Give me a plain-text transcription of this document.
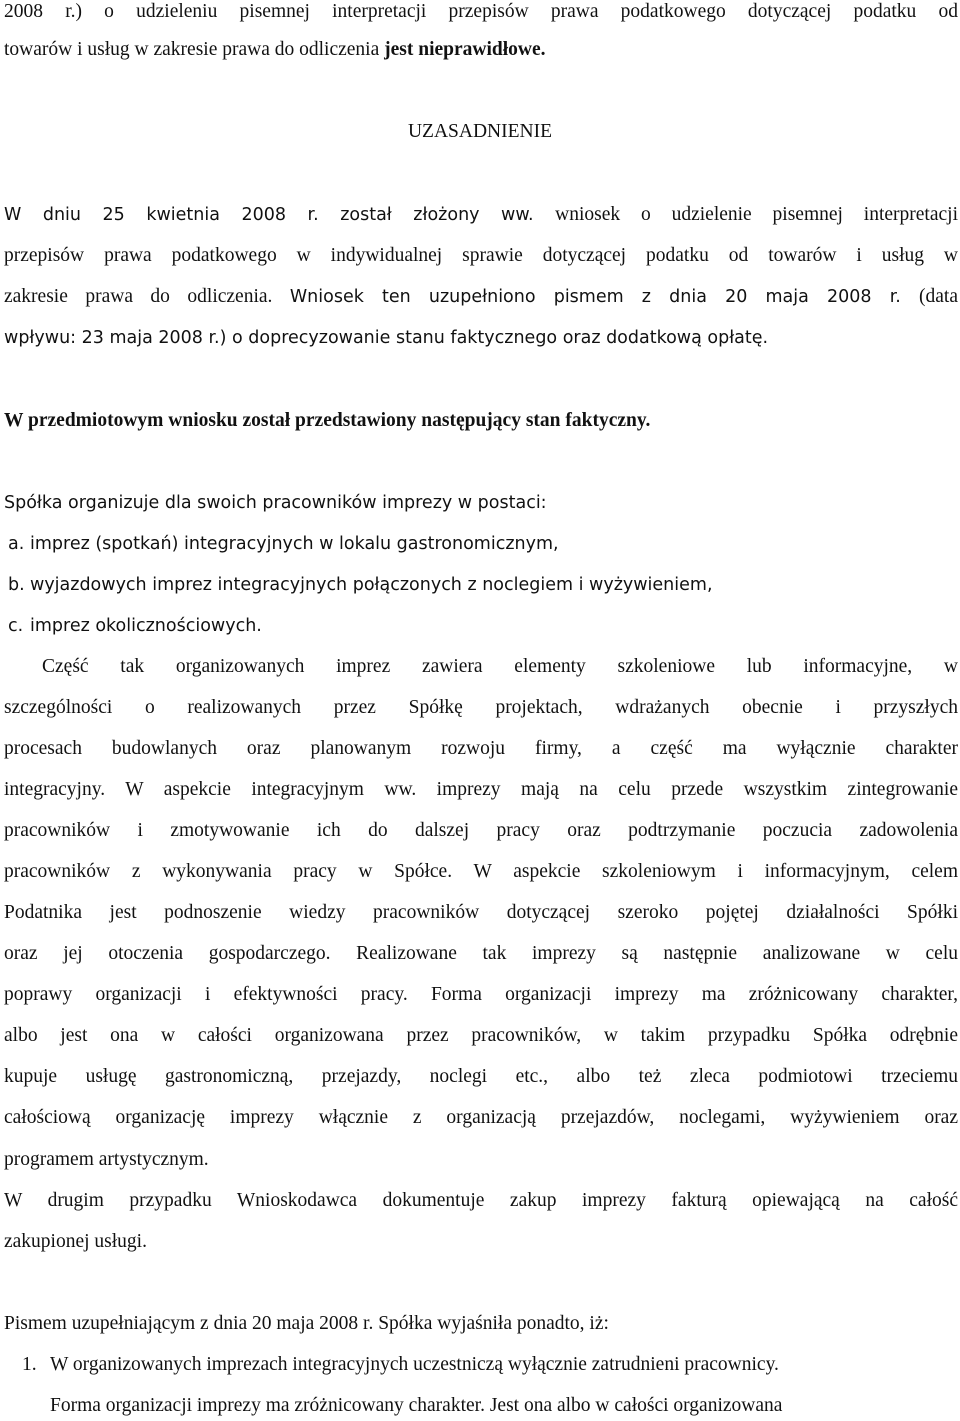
2008 r.) o udzieleniu pisemnej interpretacji przepisów prawa podatkowego dotyczącej podatku od
towarów i usług w zakresie prawa do odliczenia jest nieprawidłowe.
UZASADNIENIE
W dniu 25 kwietnia 2008 r. został złożony ww. wniosek o udzielenie pisemnej interpretacji
przepisów prawa podatkowego w indywidualnej sprawie dotyczącej podatku od towarów i usług w
zakresie prawa do odliczenia. Wniosek ten uzupełniono pismem z dnia 20 maja 2008 r. (data
wpływu: 23 maja 2008 r.) o doprecyzowanie stanu faktycznego oraz dodatkową opłatę.
W przedmiotowym wniosku został przedstawiony następujący stan faktyczny.
Spółka organizuje dla swoich pracowników imprezy w postaci:
a. imprez (spotkań) integracyjnych w lokalu gastronomicznym,
b. wyjazdowych imprez integracyjnych połączonych z noclegiem i wyżywieniem,
c. imprez okolicznościowych.
Część tak organizowanych imprez zawiera elementy szkoleniowe lub informacyjne, w
szczególności o realizowanych przez Spółkę projektach, wdrażanych obecnie i przyszłych
procesach budowlanych oraz planowanym rozwoju firmy, a część ma wyłącznie charakter
integracyjny. W aspekcie integracyjnym ww. imprezy mają na celu przede wszystkim zintegrowanie
pracowników i zmotywowanie ich do dalszej pracy oraz podtrzymanie poczucia zadowolenia
pracowników z wykonywania pracy w Spółce. W aspekcie szkoleniowym i informacyjnym, celem
Podatnika jest podnoszenie wiedzy pracowników dotyczącej szeroko pojętej działalności Spółki
oraz jej otoczenia gospodarczego. Realizowane tak imprezy są następnie analizowane w celu
poprawy organizacji i efektywności pracy. Forma organizacji imprezy ma zróżnicowany charakter,
albo jest ona w całości organizowana przez pracowników, w takim przypadku Spółka odrębnie
kupuje usługę gastronomiczną, przejazdy, noclegi etc., albo też zleca podmiotowi trzeciemu
całościową organizację imprezy włącznie z organizacją przejazdów, noclegami, wyżywieniem oraz
programem artystycznym.
W drugim przypadku Wnioskodawca dokumentuje zakup imprezy fakturą opiewającą na całość
zakupionej usługi.
Pismem uzupełniającym z dnia 20 maja 2008 r. Spółka wyjaśniła ponadto, iż:
1. W organizowanych imprezach integracyjnych uczestniczą wyłącznie zatrudnieni pracownicy.
Forma organizacji imprezy ma zróżnicowany charakter. Jest ona albo w całości organizowana
